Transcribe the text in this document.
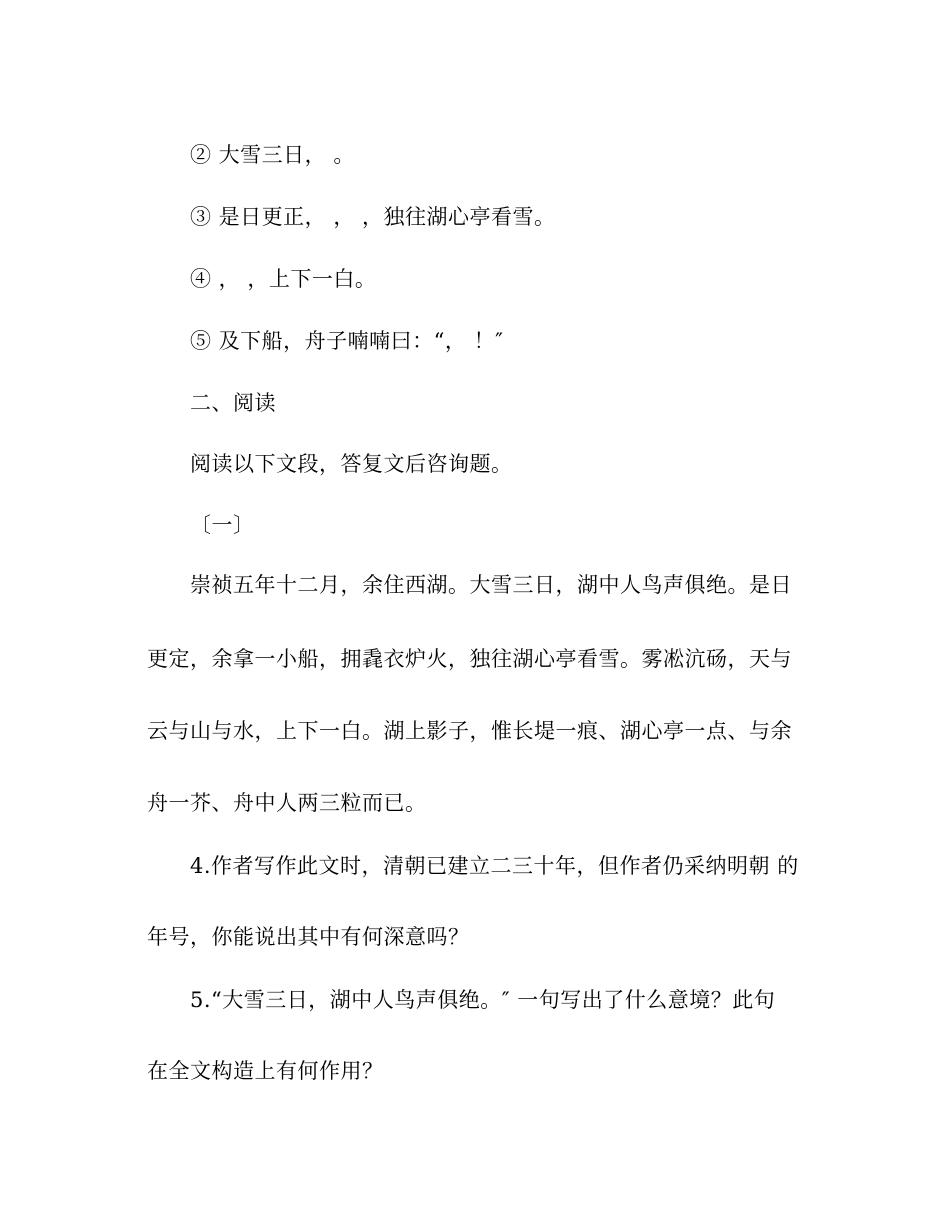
② 大雪三日， 。
③ 是日更正， ， ，独往湖心亭看雪。
④ ， ，上下一白。
⑤ 及下船，舟子喃喃曰：“， ！″
二、阅读
阅读以下文段，答复文后咨询题。
〔一〕
崇祯五年十二月，余住西湖。大雪三日，湖中人鸟声俱绝。是日
更定，余拿一小船，拥毳衣炉火，独往湖心亭看雪。雾凇沆砀，天与
云与山与水，上下一白。湖上影子，惟长堤一痕、湖心亭一点、与余
舟一芥、舟中人两三粒而已。
4.作者写作此文时，清朝已建立二三十年，但作者仍采纳明朝 的
年号，你能说出其中有何深意吗？
5.“大雪三日，湖中人鸟声俱绝。″ 一句写出了什么意境？此句
在全文构造上有何作用？
